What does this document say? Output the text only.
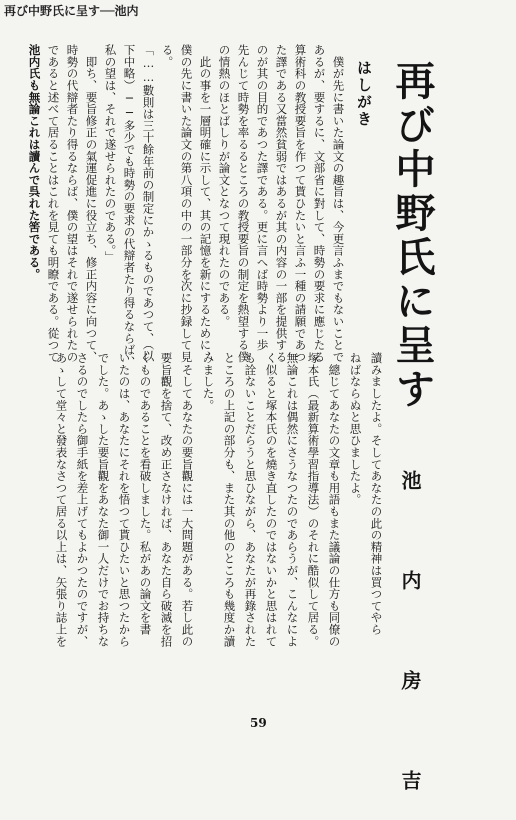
再び中野氏に呈す──池内
再び中野氏に呈す
はしがき
池　内　房　吉
　僕が先に書いた論文の趣旨は、今更言ふまでもないことで
あるが、要するに、文部省に對して、時勢の要求に應じたる
算術科の教授要旨を作つて貰ひたいと言ふ一種の請願であつ
た譯である又當然貧弱ではあるが其の内容の一部を提供する
のが其の目的であつた譯である。更に言へば時勢より一歩
先んじて時勢を率るるところの教授要旨の制定を熱望する僕
の情熱のほとばしりが論文となつて現れたのである。
　此の事を一層明確に示して、其の記憶を新にするために、
僕の先に書いた論文の第八項の中の一部分を次に抄録して見
る。
「……數則は三十餘年前の制定にかゝるものであつて、（以
下中略）──多少でも時勢の要求の代辯者たり得るならば、
私の望は、それで遂せられたのである。」
　即ち、要旨修正の氣運促進に役立ち、修正内容に向つて、
時勢の代辯者たり得るならば、僕の望はそれで遂せられたの
であると述べて居ることはこれを見ても明瞭である。從つて
池内氏も無論これは讀んで呉れた筈である。
讀みましたよ。そしてあなたの此の精神は買つてやら
ねばならぬと思ひましたよ。
　總じてあなたの文章も用語もまた議論の仕方も同僚の
塚本氏（最新算術學習指導法）のそれに酷似して居る。
無論これは偶然にさうなつたのであらうが、こんなによ
く似ると塚本氏のを燒き直したのではないかと思はれて
も詮ないことだらうと思ひながら、あなたが再錄された
ところの上記の部分も、また其の他のところも幾度か讀
みました。
　そしてあなたの要旨觀には一大問題がある。若し此の
要旨觀を捨て、改め正さなければ、あなた自ら破滅を招
くものであることを看破しました。私があの論文を書
いたのは、あなたにそれを悟つて貰ひたいと思つたから
でした。あゝした要旨觀をあなた御一人だけでお持ちな
さるのでしたら御手紙を差上げてもよかつたのですが、
あゝして堂々と發表なさつて居る以上は、矢張り誌上を
59
